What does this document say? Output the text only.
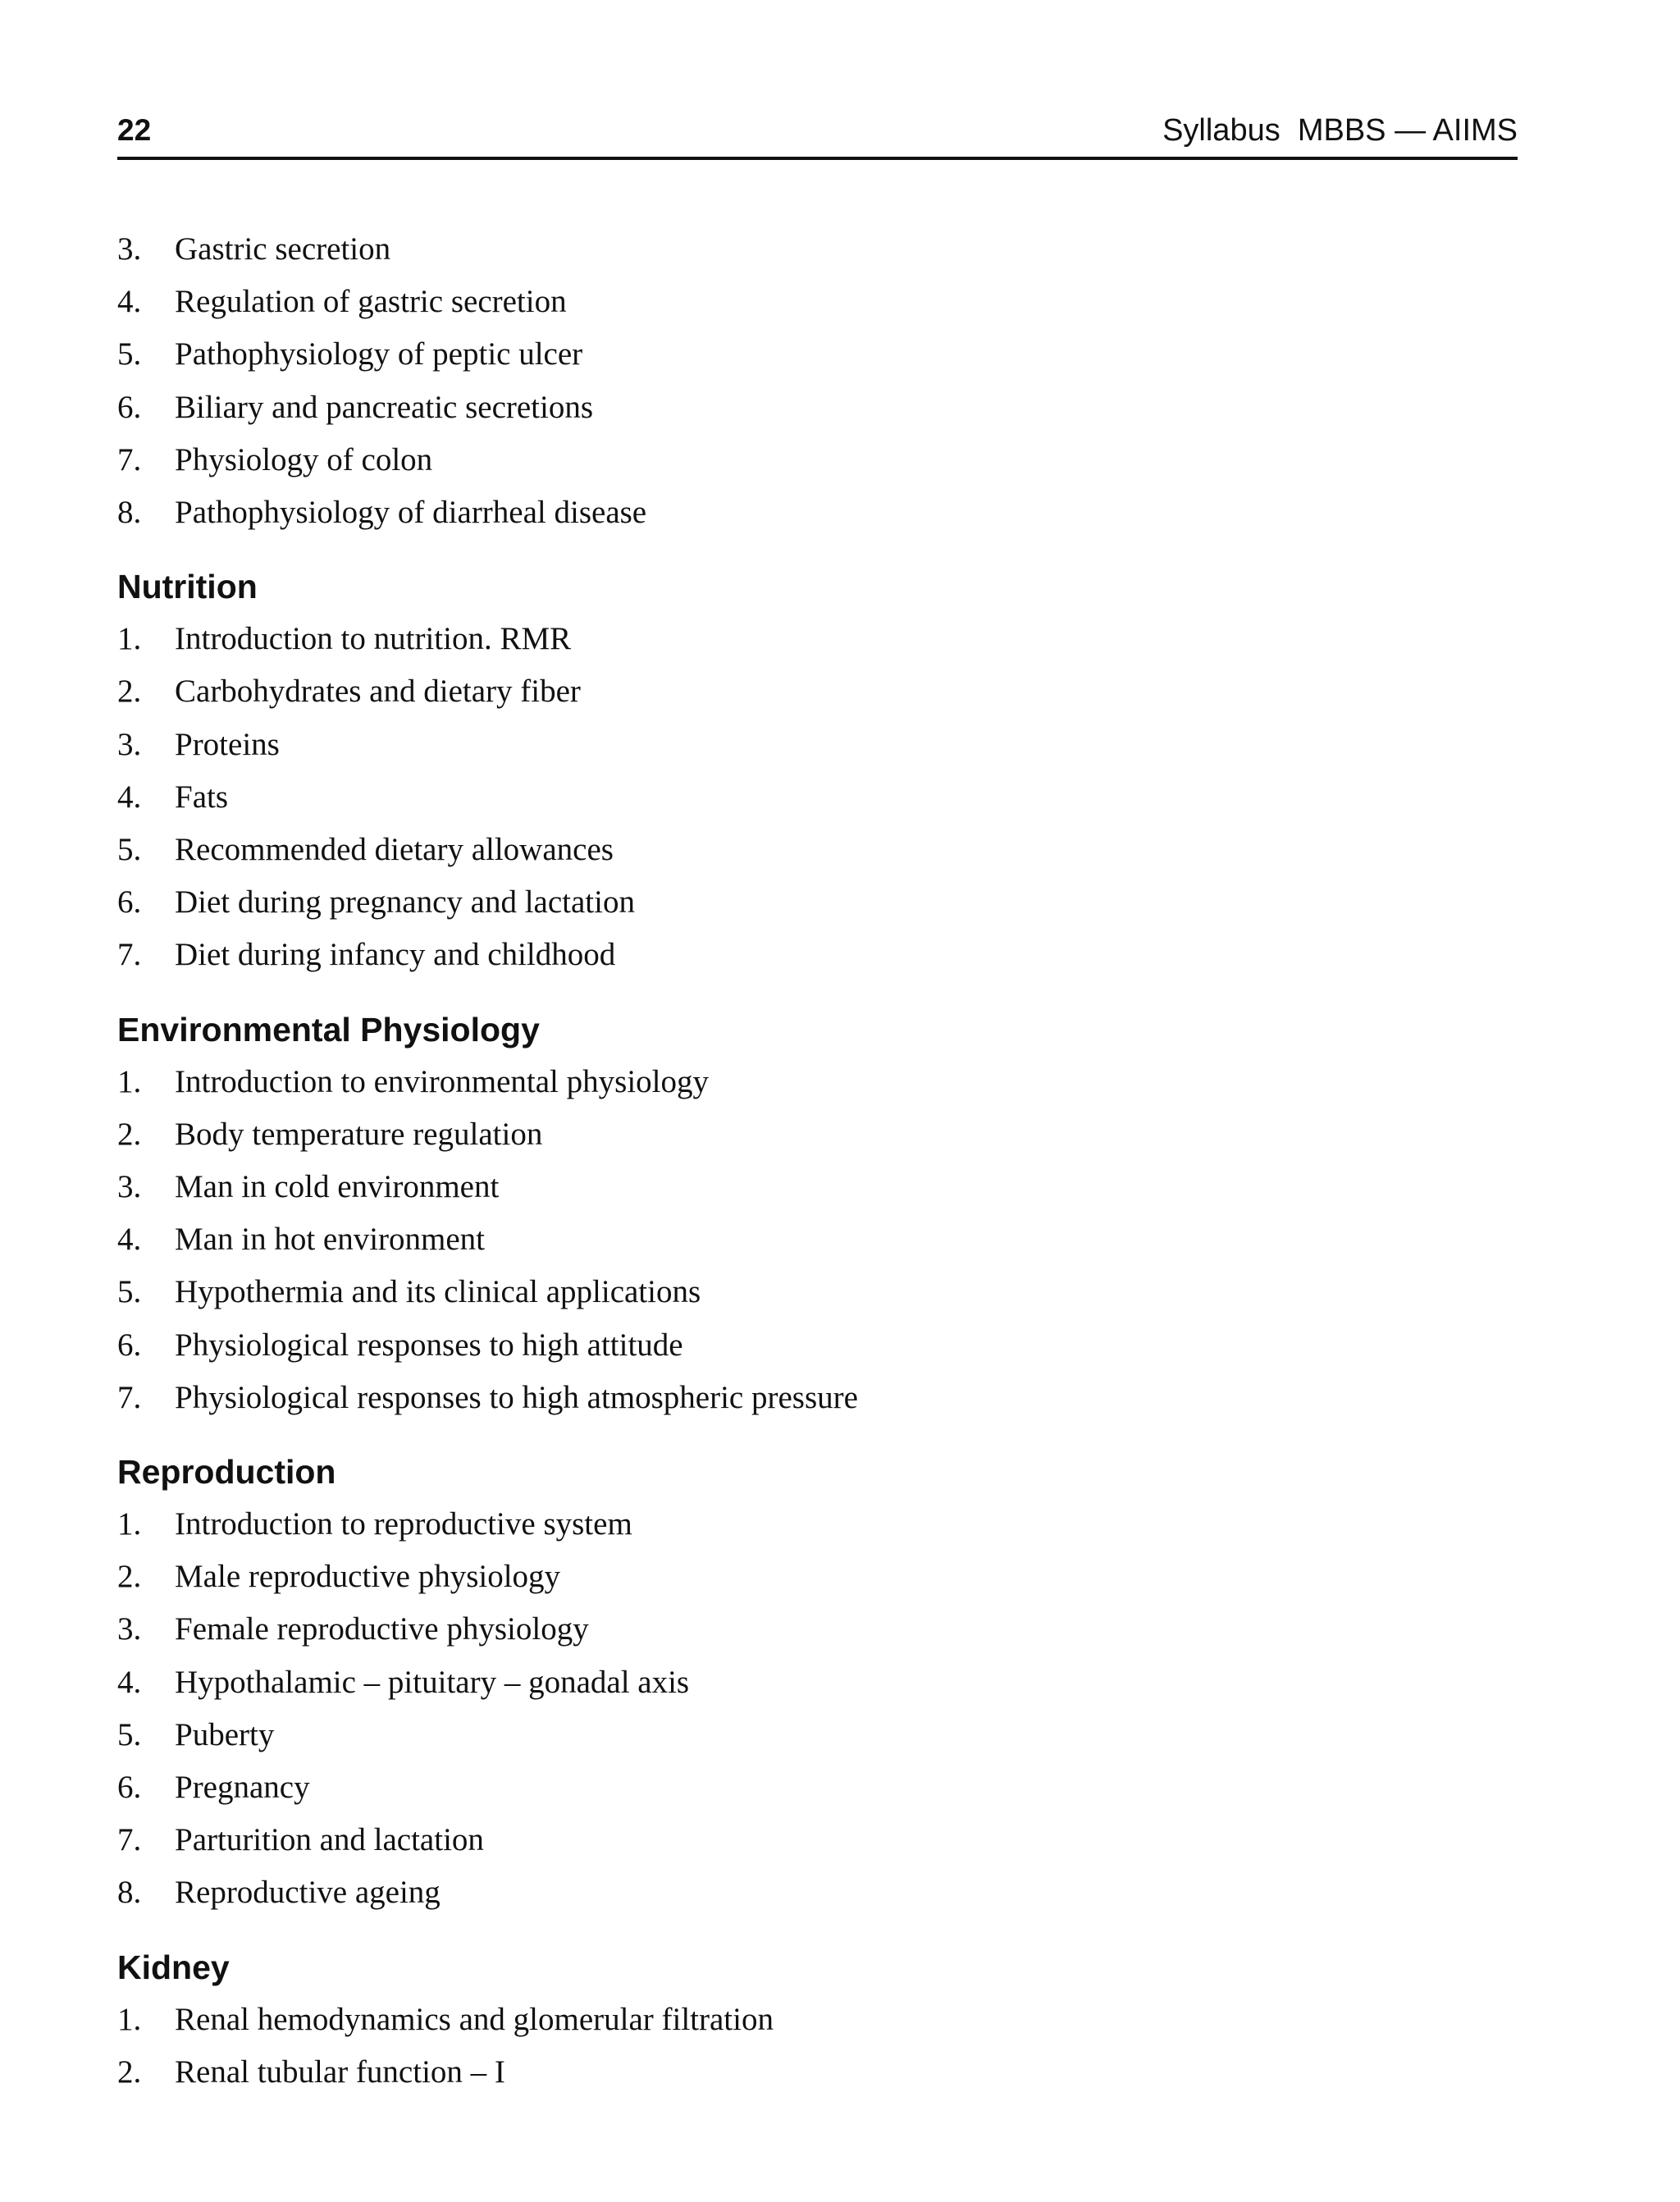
22	Syllabus  MBBS — AIIMS
3.	Gastric secretion
4.	Regulation of gastric secretion
5.	Pathophysiology of peptic ulcer
6.	Biliary and pancreatic secretions
7.	Physiology of colon
8.	Pathophysiology of diarrheal disease
Nutrition
1.	Introduction to nutrition. RMR
2.	Carbohydrates and dietary fiber
3.	Proteins
4.	Fats
5.	Recommended dietary allowances
6.	Diet during pregnancy and lactation
7.	Diet during infancy and childhood
Environmental Physiology
1.	Introduction to environmental physiology
2.	Body temperature regulation
3.	Man in cold environment
4.	Man in hot environment
5.	Hypothermia and its clinical applications
6.	Physiological responses to high attitude
7.	Physiological responses to high atmospheric pressure
Reproduction
1.	Introduction to reproductive system
2.	Male reproductive physiology
3.	Female reproductive physiology
4.	Hypothalamic – pituitary – gonadal axis
5.	Puberty
6.	Pregnancy
7.	Parturition and lactation
8.	Reproductive ageing
Kidney
1.	Renal hemodynamics and glomerular filtration
2.	Renal tubular function – I
